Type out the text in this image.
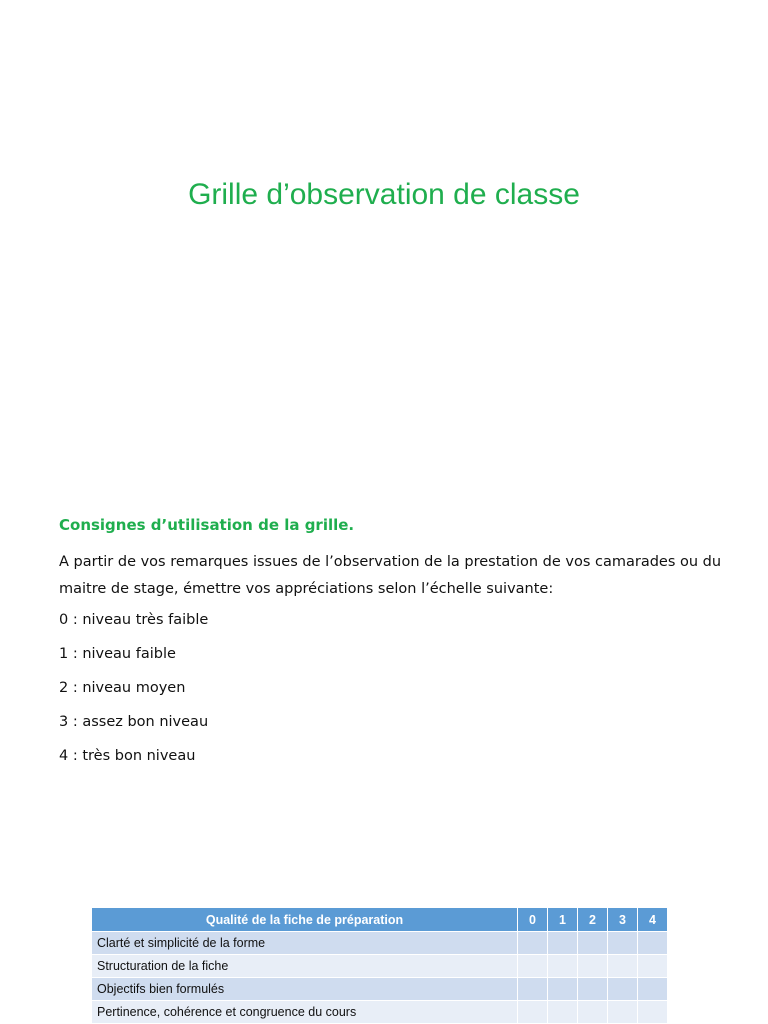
Grille d’observation de classe
Consignes d’utilisation de la grille.
A partir de vos remarques issues de l’observation de la prestation de vos camarades ou du maitre de stage, émettre vos appréciations selon l’échelle suivante:
0 : niveau très faible
1 : niveau faible
2 : niveau moyen
3 : assez bon niveau
4 : très bon niveau
Qualité de la fiche de préparation	0	1	2	3	4
Clarté et simplicité de la forme					
Structuration de la fiche					
Objectifs bien formulés					
Pertinence, cohérence et congruence du cours					
